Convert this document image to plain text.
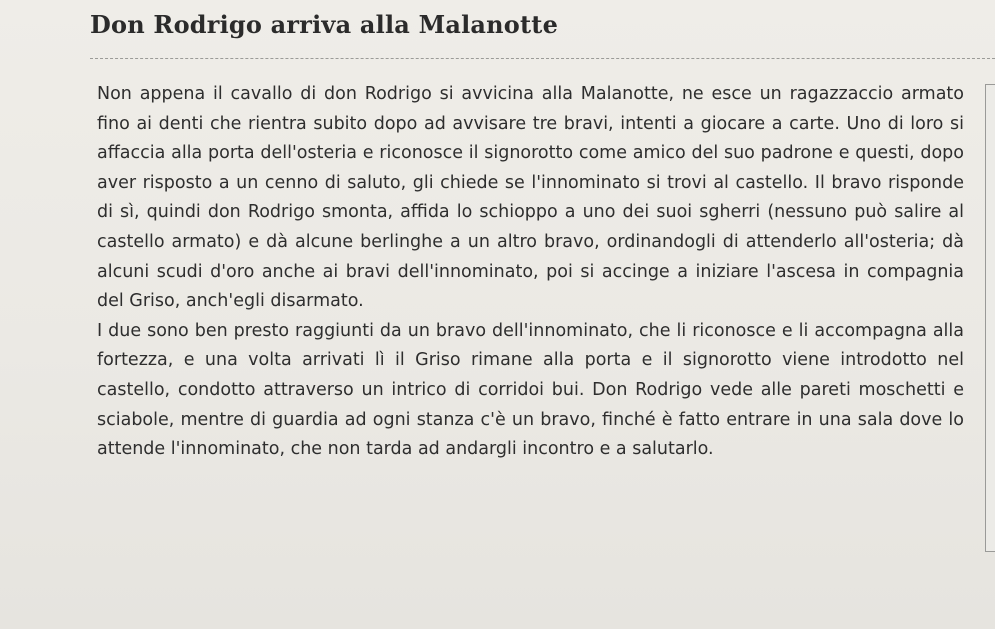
Don Rodrigo arriva alla Malanotte

Non appena il cavallo di don Rodrigo si avvicina alla Malanotte, ne esce un ragazzaccio armato fino ai denti che rientra subito dopo ad avvisare tre bravi, intenti a giocare a carte. Uno di loro si affaccia alla porta dell'osteria e riconosce il signorotto come amico del suo padrone e questi, dopo aver risposto a un cenno di saluto, gli chiede se l'innominato si trovi al castello. Il bravo risponde di sì, quindi don Rodrigo smonta, affida lo schioppo a uno dei suoi sgherri (nessuno può salire al castello armato) e dà alcune berlinghe a un altro bravo, ordinandogli di attenderlo all'osteria; dà alcuni scudi d'oro anche ai bravi dell'innominato, poi si accinge a iniziare l'ascesa in compagnia del Griso, anch'egli disarmato.

I due sono ben presto raggiunti da un bravo dell'innominato, che li riconosce e li accompagna alla fortezza, e una volta arrivati lì il Griso rimane alla porta e il signorotto viene introdotto nel castello, condotto attraverso un intrico di corridoi bui. Don Rodrigo vede alle pareti moschetti e sciabole, mentre di guardia ad ogni stanza c'è un bravo, finché è fatto entrare in una sala dove lo attende l'innominato, che non tarda ad andargli incontro e a salutarlo.
